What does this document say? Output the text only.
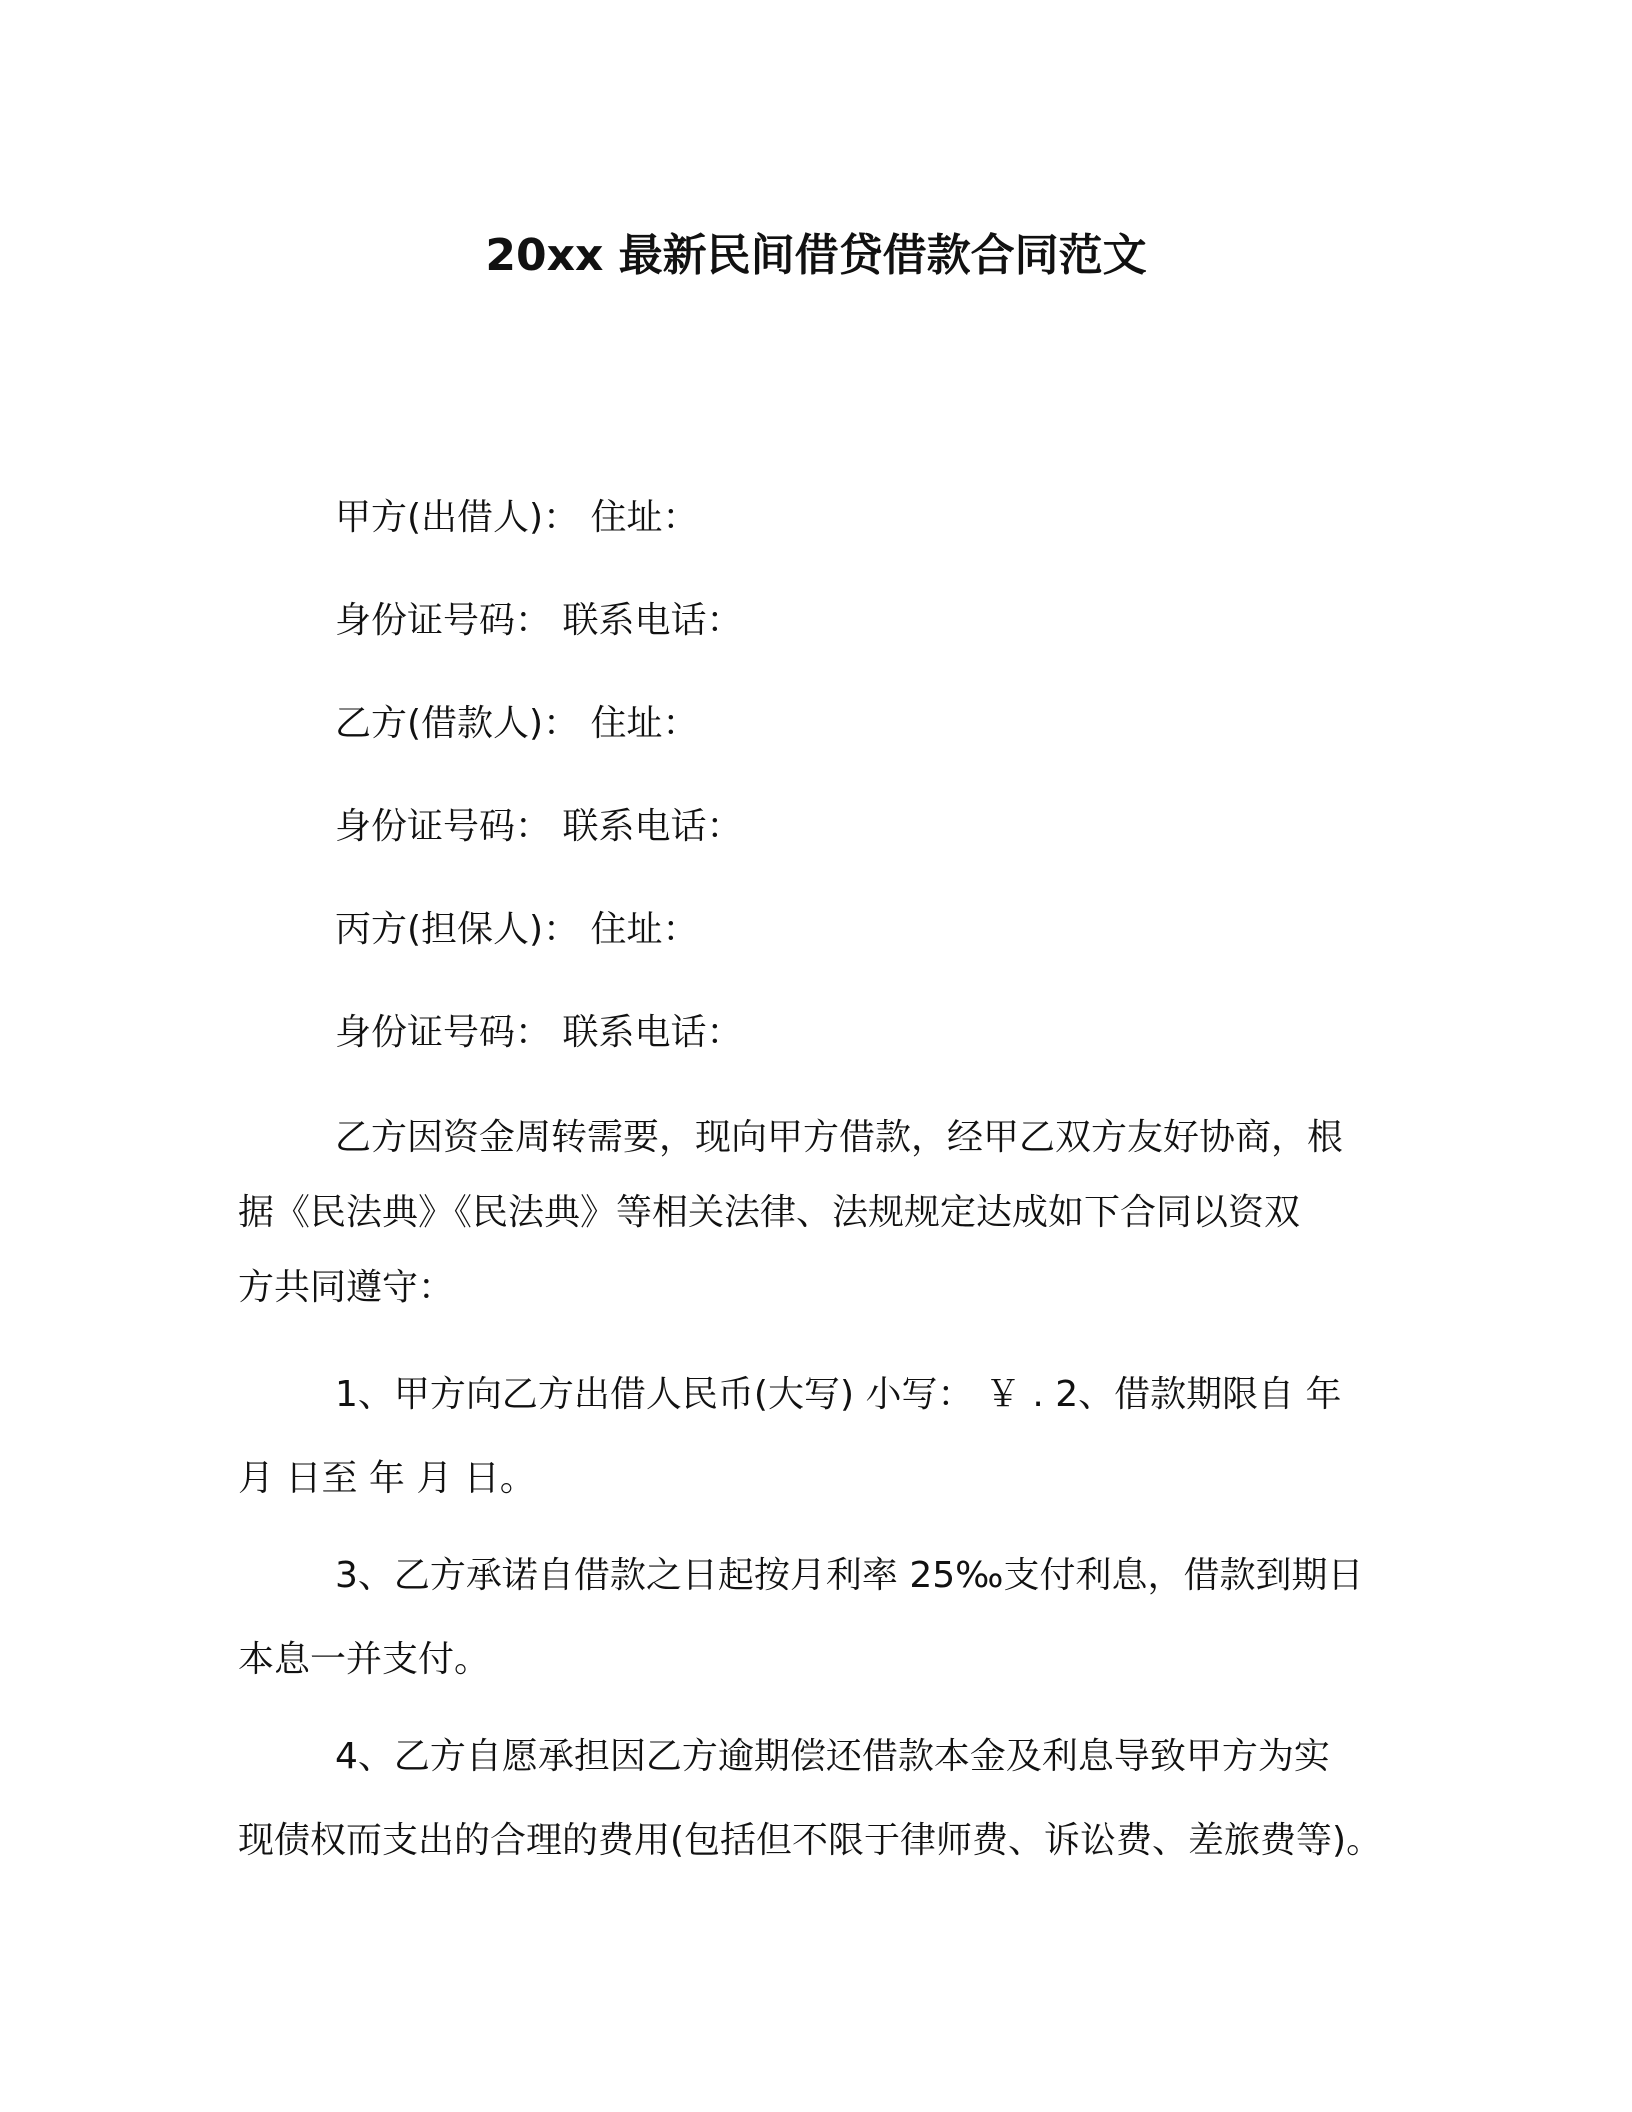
20xx 最新民间借贷借款合同范文
甲方(出借人)： 住址：
身份证号码： 联系电话：
乙方(借款人)： 住址：
身份证号码： 联系电话：
丙方(担保人)： 住址：
身份证号码： 联系电话：
乙方因资金周转需要，现向甲方借款，经甲乙双方友好协商，根
据《民法典》《民法典》等相关法律、法规规定达成如下合同以资双
方共同遵守：
1、甲方向乙方出借人民币(大写) 小写： ￥ . 2、借款期限自 年
月 日至 年 月 日。
3、乙方承诺自借款之日起按月利率 25‰支付利息，借款到期日
本息一并支付。
4、乙方自愿承担因乙方逾期偿还借款本金及利息导致甲方为实
现债权而支出的合理的费用(包括但不限于律师费、诉讼费、差旅费等)。
